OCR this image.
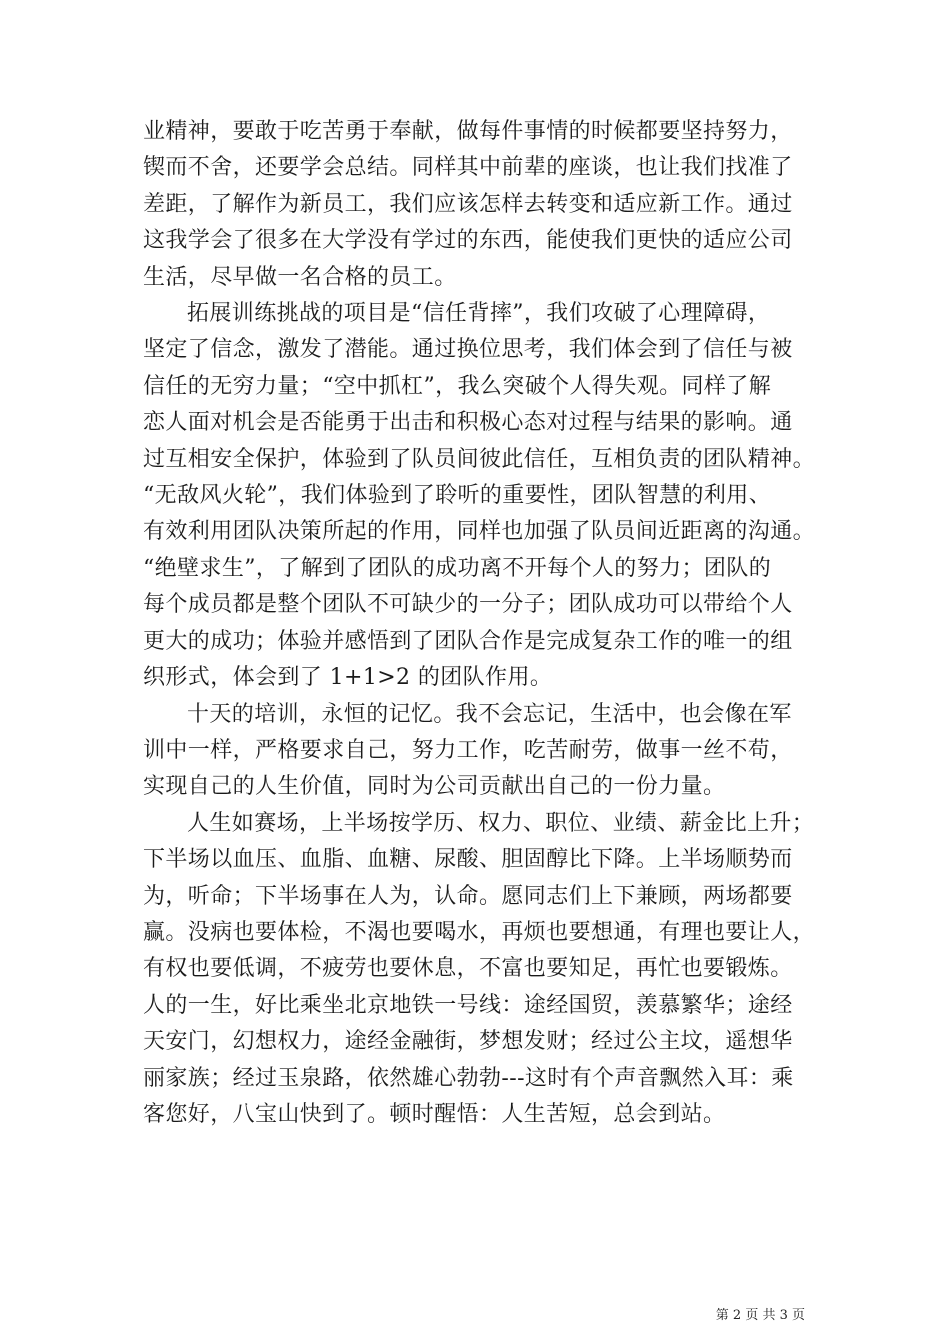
业精神，要敢于吃苦勇于奉献，做每件事情的时候都要坚持努力，
锲而不舍，还要学会总结。同样其中前辈的座谈，也让我们找准了
差距，了解作为新员工，我们应该怎样去转变和适应新工作。通过
这我学会了很多在大学没有学过的东西，能使我们更快的适应公司
生活，尽早做一名合格的员工。

拓展训练挑战的项目是“信任背摔”，我们攻破了心理障碍，
坚定了信念，激发了潜能。通过换位思考，我们体会到了信任与被
信任的无穷力量；“空中抓杠”，我么突破个人得失观。同样了解
恋人面对机会是否能勇于出击和积极心态对过程与结果的影响。通
过互相安全保护，体验到了队员间彼此信任，互相负责的团队精神。
“无敌风火轮”，我们体验到了聆听的重要性，团队智慧的利用、
有效利用团队决策所起的作用，同样也加强了队员间近距离的沟通。
“绝壁求生”，了解到了团队的成功离不开每个人的努力；团队的
每个成员都是整个团队不可缺少的一分子；团队成功可以带给个人
更大的成功；体验并感悟到了团队合作是完成复杂工作的唯一的组
织形式，体会到了 1+1>2 的团队作用。

十天的培训，永恒的记忆。我不会忘记，生活中，也会像在军
训中一样，严格要求自己，努力工作，吃苦耐劳，做事一丝不苟，
实现自己的人生价值，同时为公司贡献出自己的一份力量。

人生如赛场，上半场按学历、权力、职位、业绩、薪金比上升；
下半场以血压、血脂、血糖、尿酸、胆固醇比下降。上半场顺势而
为，听命；下半场事在人为，认命。愿同志们上下兼顾，两场都要
赢。没病也要体检，不渴也要喝水，再烦也要想通，有理也要让人，
有权也要低调，不疲劳也要休息，不富也要知足，再忙也要锻炼。
人的一生，好比乘坐北京地铁一号线：途经国贸，羡慕繁华；途经
天安门，幻想权力，途经金融街，梦想发财；经过公主坟，遥想华
丽家族；经过玉泉路，依然雄心勃勃---这时有个声音飘然入耳：乘
客您好，八宝山快到了。顿时醒悟：人生苦短，总会到站。

第 2 页 共 3 页
